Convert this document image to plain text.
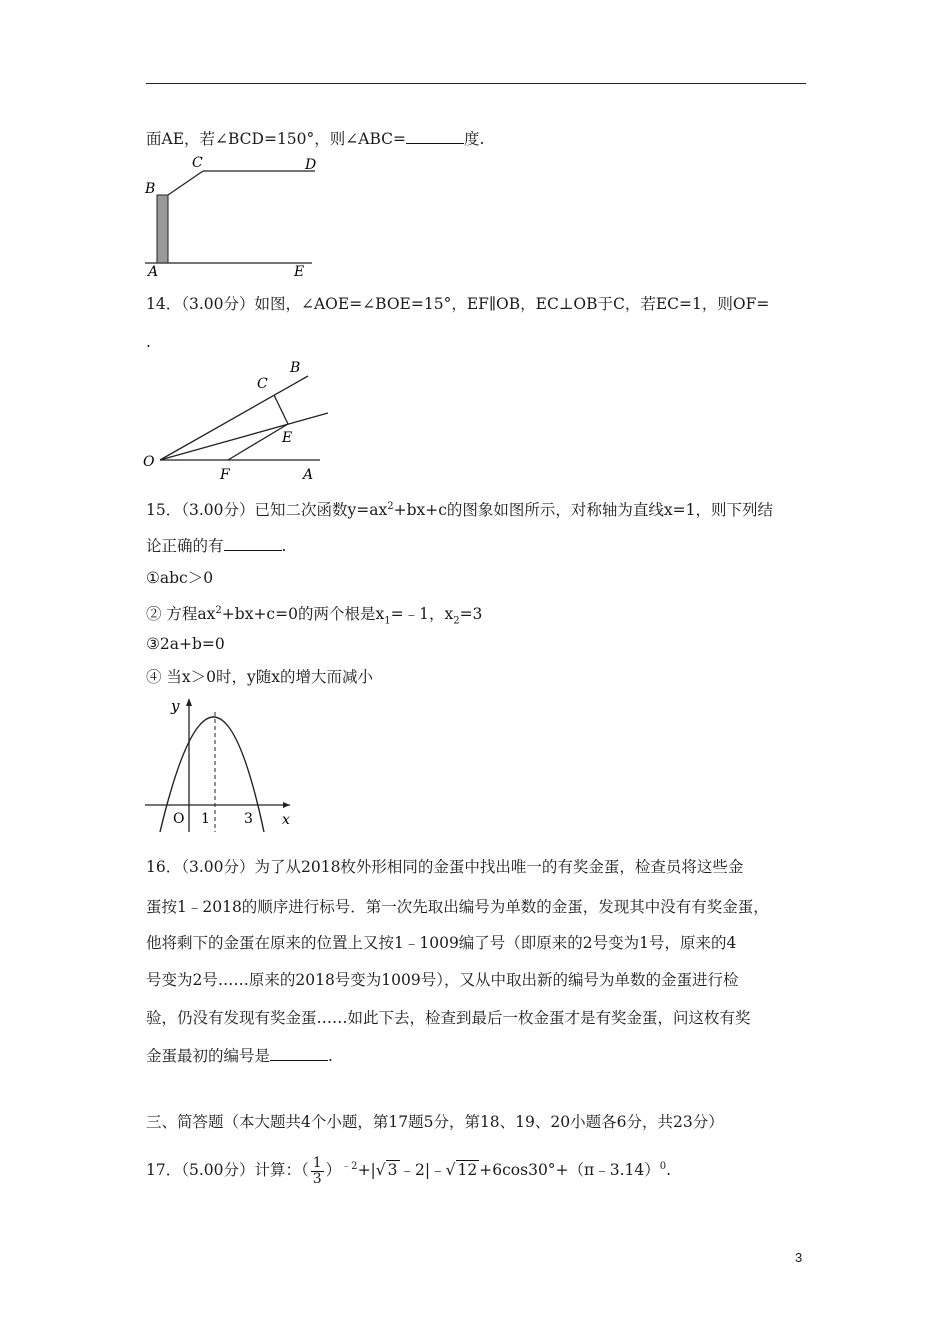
面AE，若∠BCD=150°，则∠ABC=	度.
B
C	D
A	E
14．（3.00分）如图，∠AOE=∠BOE=15°，EF∥OB，EC⊥OB于C，若EC=1，则OF=
.
B
C
E
O
F	A
15．（3.00分）已知二次函数$y=ax^2+bx+c$的图象如图所示，对称轴为直线x=1，则下列结
论正确的有	.
①abc＞0
② 方程$ax^2+bx+c=0$的两个根是$x_1=﹣1$，$x_2=3$
③2a+b=0
④ 当x＞0时，y随x的增大而减小
y
O 1 3 x
16．（3.00分）为了从2018枚外形相同的金蛋中找出唯一的有奖金蛋，检查员将这些金
蛋按1﹣2018的顺序进行标号．第一次先取出编号为单数的金蛋，发现其中没有有奖金蛋，
他将剩下的金蛋在原来的位置上又按1﹣1009编了号（即原来的2号变为1号，原来的4
号变为2号……原来的2018号变为1009号），又从中取出新的编号为单数的金蛋进行检
验，仍没有发现有奖金蛋……如此下去，检查到最后一枚金蛋才是有奖金蛋，问这枚有奖
金蛋最初的编号是	.
三、简答题（本大题共4个小题，第17题5分，第18、19、20小题各6分，共23分）
17．（5.00分）计算：（ $\frac{1}{3} )^{﹣2}+|√$ 3 ﹣2|﹣√ 12 +6cos30°+（π﹣3.14）$^0$.
3
